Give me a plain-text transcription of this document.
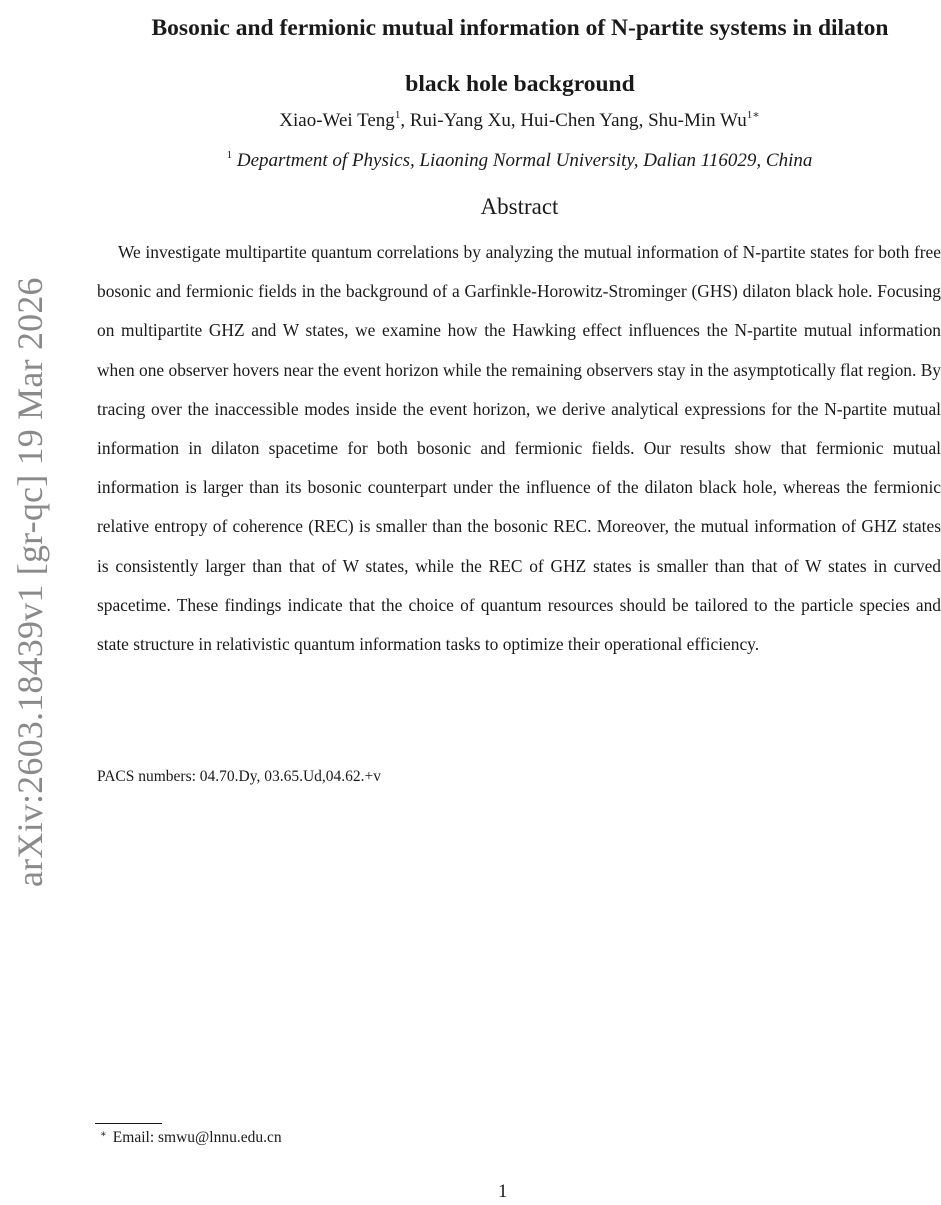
arXiv:2603.18439v1 [gr-qc] 19 Mar 2026
Bosonic and fermionic mutual information of N-partite systems in dilaton
black hole background
Xiao-Wei Teng$^1$, Rui-Yang Xu, Hui-Chen Yang, Shu-Min $Wu^{1∗}$
$^1$ Department of Physics, Liaoning Normal University, Dalian 116029, China
Abstract

We investigate multipartite quantum correlations by analyzing the mutual information of N-partite states for both free bosonic and fermionic fields in the background of a Garfinkle-Horowitz-Strominger (GHS) dilaton black hole. Focusing on multipartite GHZ and W states, we examine how the Hawking effect influences the N-partite mutual information when one observer hovers near the event horizon while the remaining observers stay in the asymptotically flat region. By tracing over the inaccessible modes inside the event horizon, we derive analytical expressions for the N-partite mutual information in dilaton spacetime for both bosonic and fermionic fields. Our results show that fermionic mutual information is larger than its bosonic counterpart under the influence of the dilaton black hole, whereas the fermionic relative entropy of coherence (REC) is smaller than the bosonic REC. Moreover, the mutual information of GHZ states is consistently larger than that of W states, while the REC of GHZ states is smaller than that of W states in curved spacetime. These findings indicate that the choice of quantum resources should be tailored to the particle species and state structure in relativistic quantum information tasks to optimize their operational efficiency.

PACS numbers: 04.70.Dy, 03.65.Ud,04.62.+v
∗ Email: smwu@lnnu.edu.cn
1
